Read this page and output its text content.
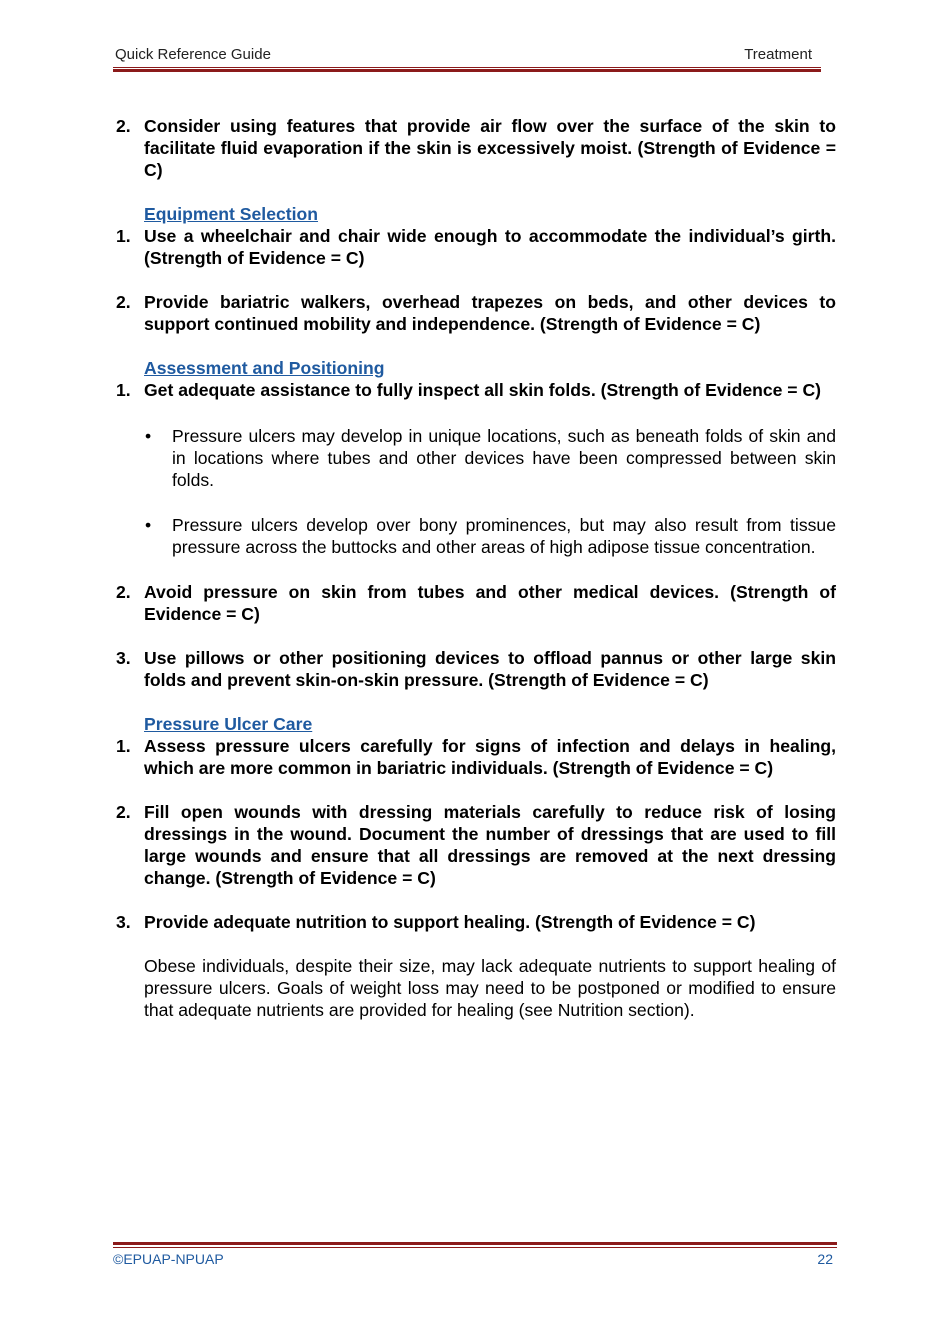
Quick Reference Guide	Treatment
2. Consider using features that provide air flow over the surface of the skin to facilitate fluid evaporation if the skin is excessively moist. (Strength of Evidence = C)
Equipment Selection
1. Use a wheelchair and chair wide enough to accommodate the individual’s girth. (Strength of Evidence = C)
2. Provide bariatric walkers, overhead trapezes on beds, and other devices to support continued mobility and independence. (Strength of Evidence = C)
Assessment and Positioning
1. Get adequate assistance to fully inspect all skin folds. (Strength of Evidence = C)
• Pressure ulcers may develop in unique locations, such as beneath folds of skin and in locations where tubes and other devices have been compressed between skin folds.
• Pressure ulcers develop over bony prominences, but may also result from tissue pressure across the buttocks and other areas of high adipose tissue concentration.
2. Avoid pressure on skin from tubes and other medical devices. (Strength of Evidence = C)
3. Use pillows or other positioning devices to offload pannus or other large skin folds and prevent skin-on-skin pressure. (Strength of Evidence = C)
Pressure Ulcer Care
1. Assess pressure ulcers carefully for signs of infection and delays in healing, which are more common in bariatric individuals. (Strength of Evidence = C)
2. Fill open wounds with dressing materials carefully to reduce risk of losing dressings in the wound. Document the number of dressings that are used to fill large wounds and ensure that all dressings are removed at the next dressing change. (Strength of Evidence = C)
3. Provide adequate nutrition to support healing. (Strength of Evidence = C)
Obese individuals, despite their size, may lack adequate nutrients to support healing of pressure ulcers. Goals of weight loss may need to be postponed or modified to ensure that adequate nutrients are provided for healing (see Nutrition section).
©EPUAP-NPUAP	22
